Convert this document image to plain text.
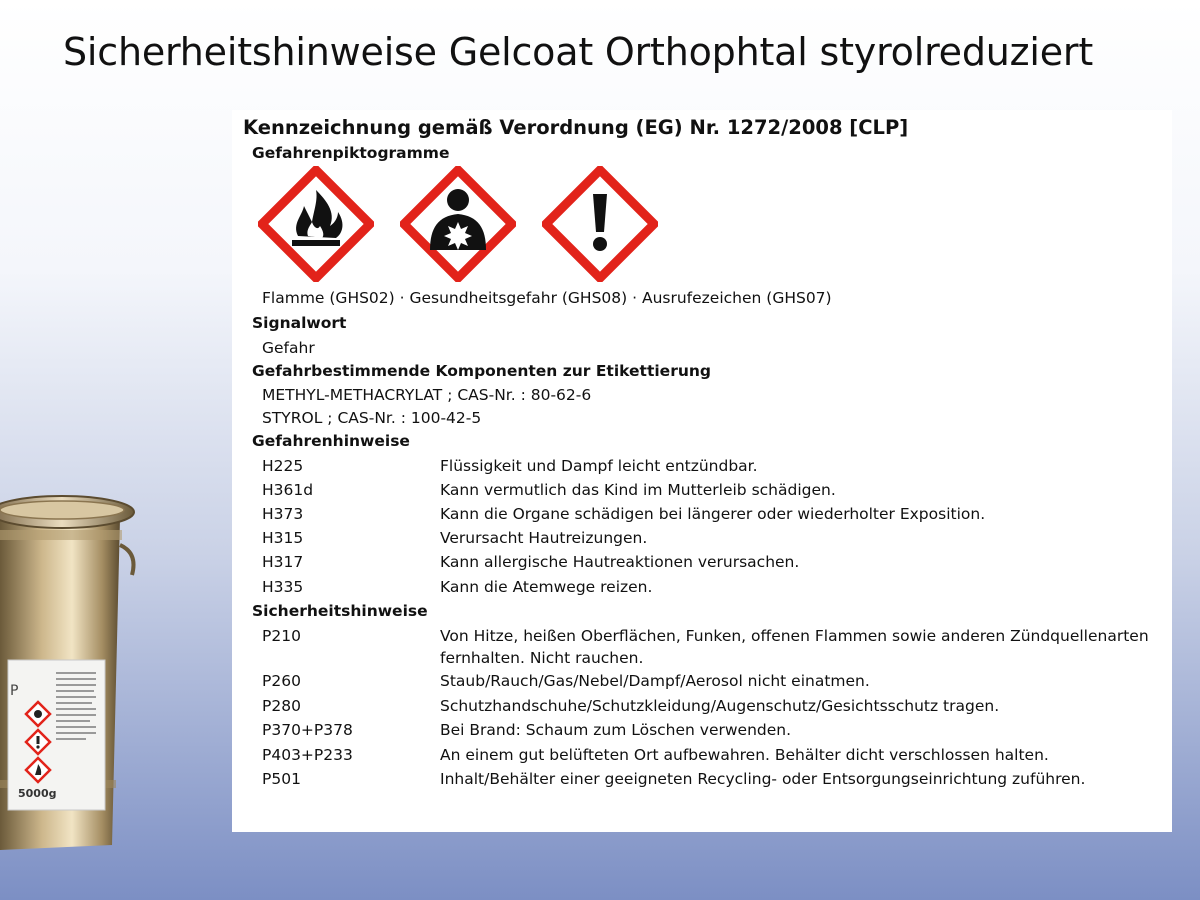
Sicherheitshinweise Gelcoat Orthophtal styrolreduziert
P
5000g
Kennzeichnung gemäß Verordnung (EG) Nr. 1272/2008 [CLP]
Gefahrenpiktogramme
Flamme (GHS02) · Gesundheitsgefahr (GHS08) · Ausrufezeichen (GHS07)
Signalwort
Gefahr
Gefahrbestimmende Komponenten zur Etikettierung
METHYL-METHACRYLAT ; CAS-Nr. : 80-62-6
STYROL ; CAS-Nr. : 100-42-5
Gefahrenhinweise
H225	Flüssigkeit und Dampf leicht entzündbar.
H361d	Kann vermutlich das Kind im Mutterleib schädigen.
H373	Kann die Organe schädigen bei längerer oder wiederholter Exposition.
H315	Verursacht Hautreizungen.
H317	Kann allergische Hautreaktionen verursachen.
H335	Kann die Atemwege reizen.
Sicherheitshinweise
P210	Von Hitze, heißen Oberflächen, Funken, offenen Flammen sowie anderen Zündquellenarten fernhalten. Nicht rauchen.
P260	Staub/Rauch/Gas/Nebel/Dampf/Aerosol nicht einatmen.
P280	Schutzhandschuhe/Schutzkleidung/Augenschutz/Gesichtsschutz tragen.
P370+P378	Bei Brand: Schaum zum Löschen verwenden.
P403+P233	An einem gut belüfteten Ort aufbewahren. Behälter dicht verschlossen halten.
P501	Inhalt/Behälter einer geeigneten Recycling- oder Entsorgungseinrichtung zuführen.
